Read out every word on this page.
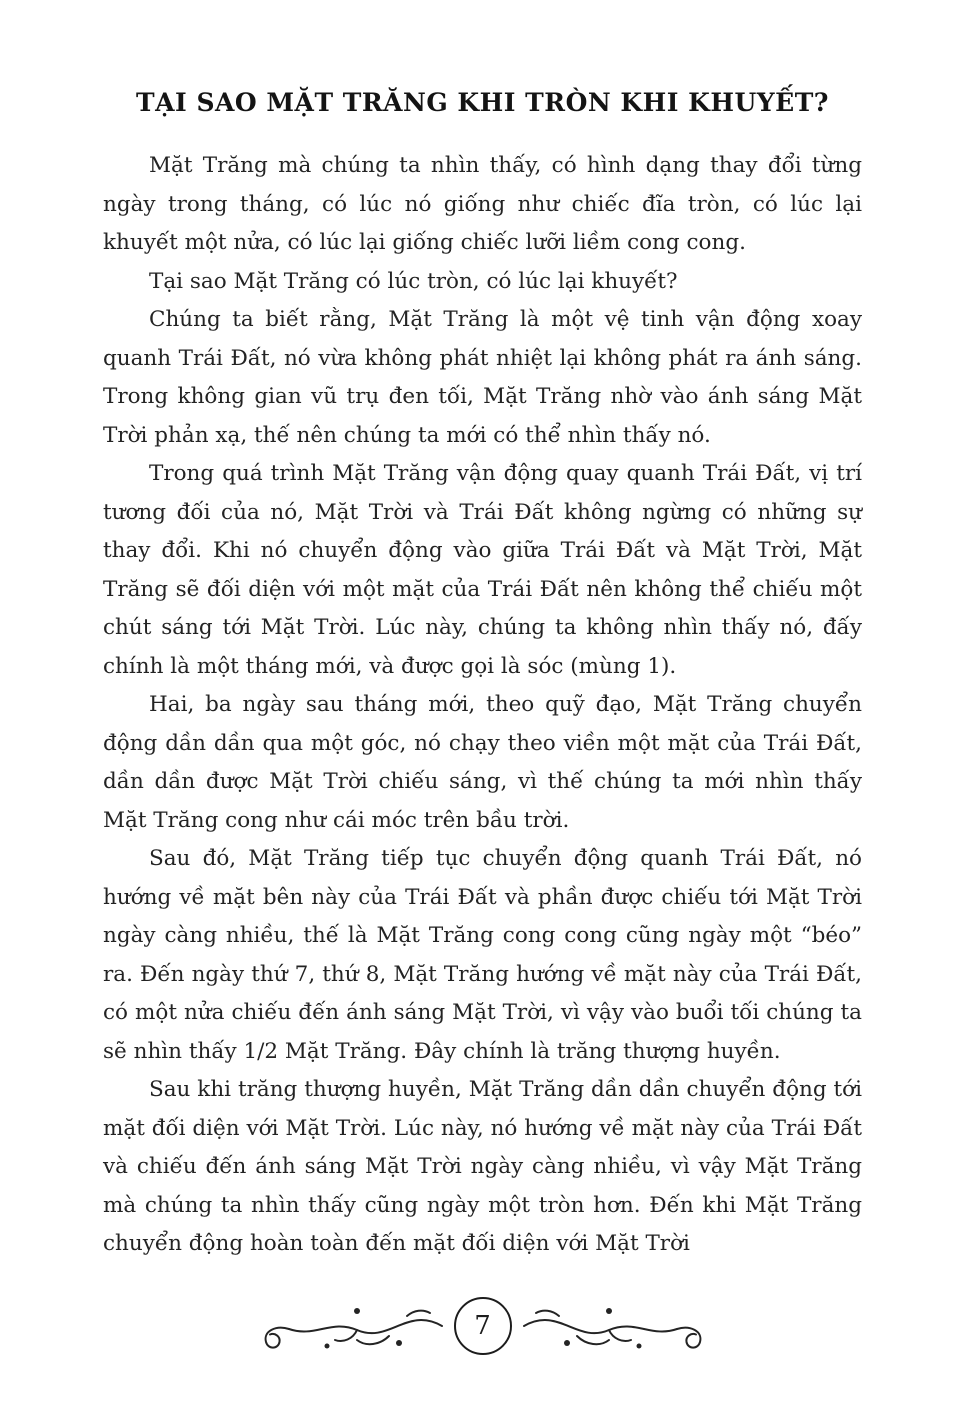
TẠI SAO MẶT TRĂNG KHI TRÒN KHI KHUYẾT?

Mặt Trăng mà chúng ta nhìn thấy, có hình dạng thay đổi từng ngày trong tháng, có lúc nó giống như chiếc đĩa tròn, có lúc lại khuyết một nửa, có lúc lại giống chiếc lưỡi liềm cong cong.

Tại sao Mặt Trăng có lúc tròn, có lúc lại khuyết?

Chúng ta biết rằng, Mặt Trăng là một vệ tinh vận động xoay quanh Trái Đất, nó vừa không phát nhiệt lại không phát ra ánh sáng. Trong không gian vũ trụ đen tối, Mặt Trăng nhờ vào ánh sáng Mặt Trời phản xạ, thế nên chúng ta mới có thể nhìn thấy nó.

Trong quá trình Mặt Trăng vận động quay quanh Trái Đất, vị trí tương đối của nó, Mặt Trời và Trái Đất không ngừng có những sự thay đổi. Khi nó chuyển động vào giữa Trái Đất và Mặt Trời, Mặt Trăng sẽ đối diện với một mặt của Trái Đất nên không thể chiếu một chút sáng tới Mặt Trời. Lúc này, chúng ta không nhìn thấy nó, đấy chính là một tháng mới, và được gọi là sóc (mùng 1).

Hai, ba ngày sau tháng mới, theo quỹ đạo, Mặt Trăng chuyển động dần dần qua một góc, nó chạy theo viền một mặt của Trái Đất, dần dần được Mặt Trời chiếu sáng, vì thế chúng ta mới nhìn thấy Mặt Trăng cong như cái móc trên bầu trời.

Sau đó, Mặt Trăng tiếp tục chuyển động quanh Trái Đất, nó hướng về mặt bên này của Trái Đất và phần được chiếu tới Mặt Trời ngày càng nhiều, thế là Mặt Trăng cong cong cũng ngày một “béo” ra. Đến ngày thứ 7, thứ 8, Mặt Trăng hướng về mặt này của Trái Đất, có một nửa chiếu đến ánh sáng Mặt Trời, vì vậy vào buổi tối chúng ta sẽ nhìn thấy 1/2 Mặt Trăng. Đây chính là trăng thượng huyền.

Sau khi trăng thượng huyền, Mặt Trăng dần dần chuyển động tới mặt đối diện với Mặt Trời. Lúc này, nó hướng về mặt này của Trái Đất và chiếu đến ánh sáng Mặt Trời ngày càng nhiều, vì vậy Mặt Trăng mà chúng ta nhìn thấy cũng ngày một tròn hơn. Đến khi Mặt Trăng chuyển động hoàn toàn đến mặt đối diện với Mặt Trời

7
